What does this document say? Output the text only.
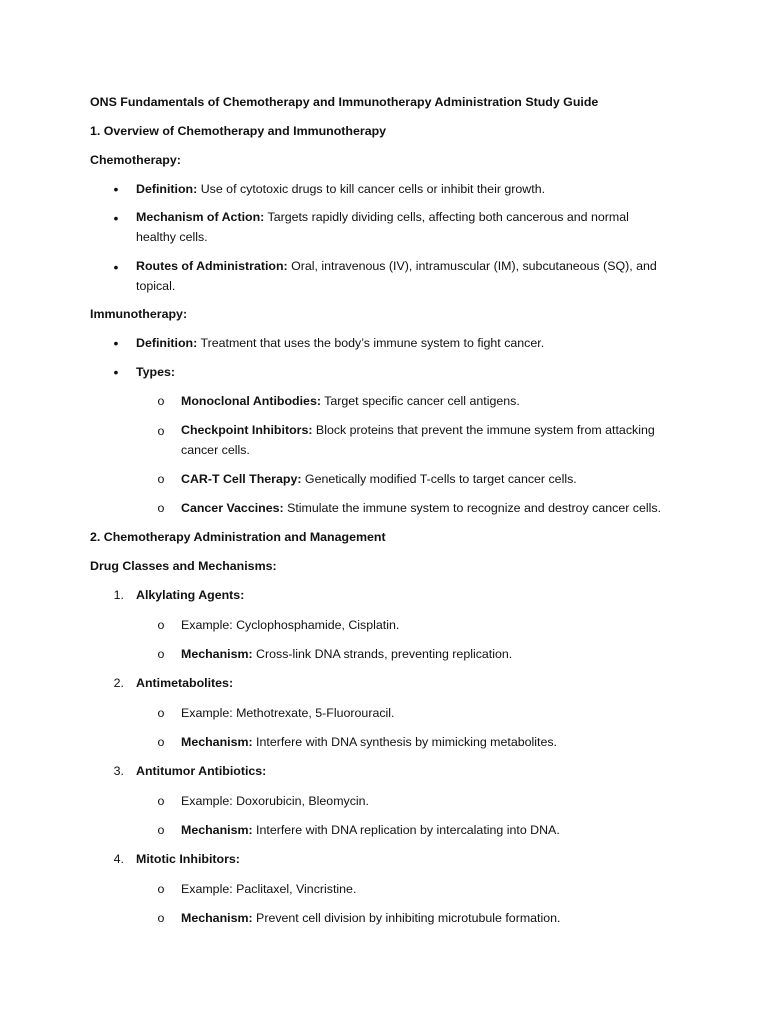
ONS Fundamentals of Chemotherapy and Immunotherapy Administration Study Guide
1. Overview of Chemotherapy and Immunotherapy
Chemotherapy:
• Definition: Use of cytotoxic drugs to kill cancer cells or inhibit their growth.
• Mechanism of Action: Targets rapidly dividing cells, affecting both cancerous and normal healthy cells.
• Routes of Administration: Oral, intravenous (IV), intramuscular (IM), subcutaneous (SQ), and topical.
Immunotherapy:
• Definition: Treatment that uses the body’s immune system to fight cancer.
• Types:
o Monoclonal Antibodies: Target specific cancer cell antigens.
o Checkpoint Inhibitors: Block proteins that prevent the immune system from attacking cancer cells.
o CAR-T Cell Therapy: Genetically modified T-cells to target cancer cells.
o Cancer Vaccines: Stimulate the immune system to recognize and destroy cancer cells.
2. Chemotherapy Administration and Management
Drug Classes and Mechanisms:
1. Alkylating Agents:
o Example: Cyclophosphamide, Cisplatin.
o Mechanism: Cross-link DNA strands, preventing replication.
2. Antimetabolites:
o Example: Methotrexate, 5-Fluorouracil.
o Mechanism: Interfere with DNA synthesis by mimicking metabolites.
3. Antitumor Antibiotics:
o Example: Doxorubicin, Bleomycin.
o Mechanism: Interfere with DNA replication by intercalating into DNA.
4. Mitotic Inhibitors:
o Example: Paclitaxel, Vincristine.
o Mechanism: Prevent cell division by inhibiting microtubule formation.
